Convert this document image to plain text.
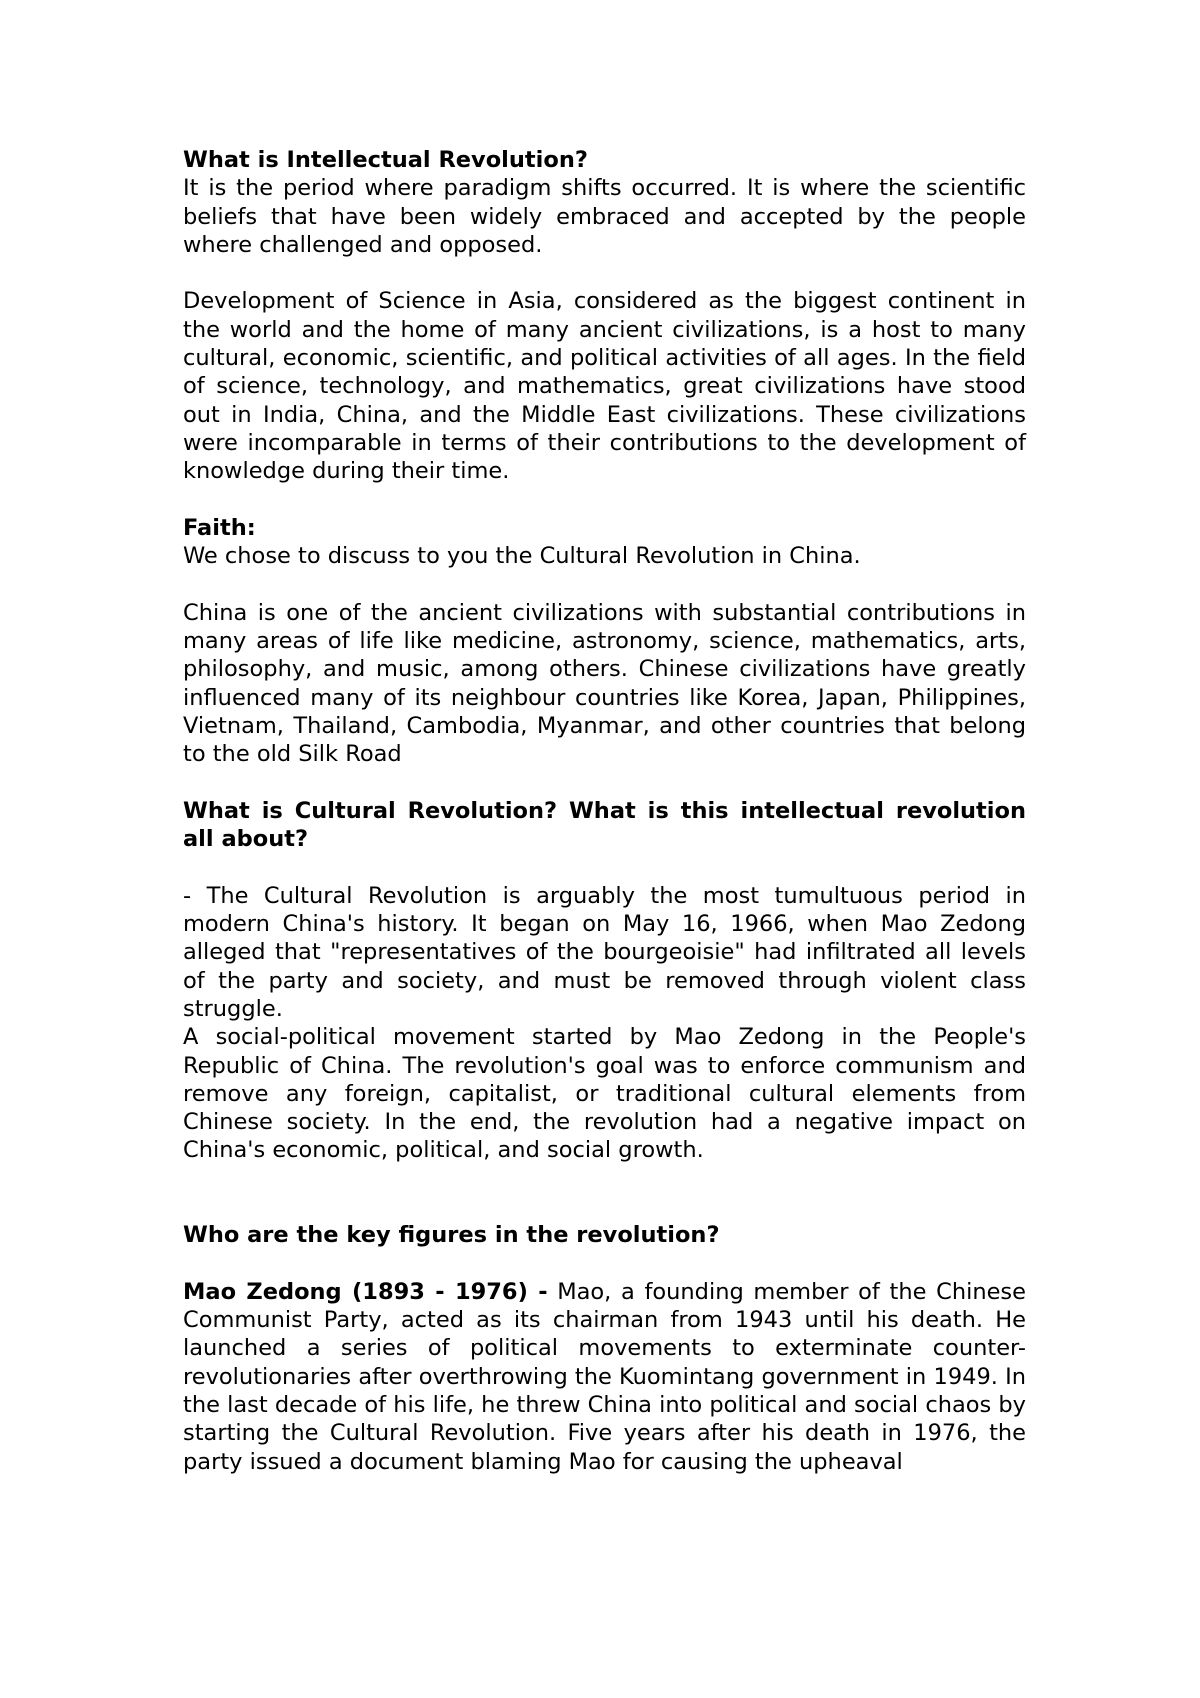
What is Intellectual Revolution?
It is the period where paradigm shifts occurred. It is where the scientific beliefs that have been widely embraced and accepted by the people where challenged and opposed.
Development of Science in Asia, considered as the biggest continent in the world and the home of many ancient civilizations, is a host to many cultural, economic, scientific, and political activities of all ages. In the field of science, technology, and mathematics, great civilizations have stood out in India, China, and the Middle East civilizations. These civilizations were incomparable in terms of their contributions to the development of knowledge during their time.
Faith:
We chose to discuss to you the Cultural Revolution in China.
China is one of the ancient civilizations with substantial contributions in many areas of life like medicine, astronomy, science, mathematics, arts, philosophy, and music, among others. Chinese civilizations have greatly influenced many of its neighbour countries like Korea, Japan, Philippines, Vietnam, Thailand, Cambodia, Myanmar, and other countries that belong to the old Silk Road
What is Cultural Revolution? What is this intellectual revolution all about?
- The Cultural Revolution is arguably the most tumultuous period in modern China's history. It began on May 16, 1966, when Mao Zedong alleged that "representatives of the bourgeoisie" had infiltrated all levels of the party and society, and must be removed through violent class struggle.
A social-political movement started by Mao Zedong in the People's Republic of China. The revolution's goal was to enforce communism and remove any foreign, capitalist, or traditional cultural elements from Chinese society. In the end, the revolution had a negative impact on China's economic, political, and social growth.
Who are the key figures in the revolution?
Mao Zedong (1893 - 1976) - Mao, a founding member of the Chinese Communist Party, acted as its chairman from 1943 until his death. He launched a series of political movements to exterminate counter-revolutionaries after overthrowing the Kuomintang government in 1949. In the last decade of his life, he threw China into political and social chaos by starting the Cultural Revolution. Five years after his death in 1976, the party issued a document blaming Mao for causing the upheaval
